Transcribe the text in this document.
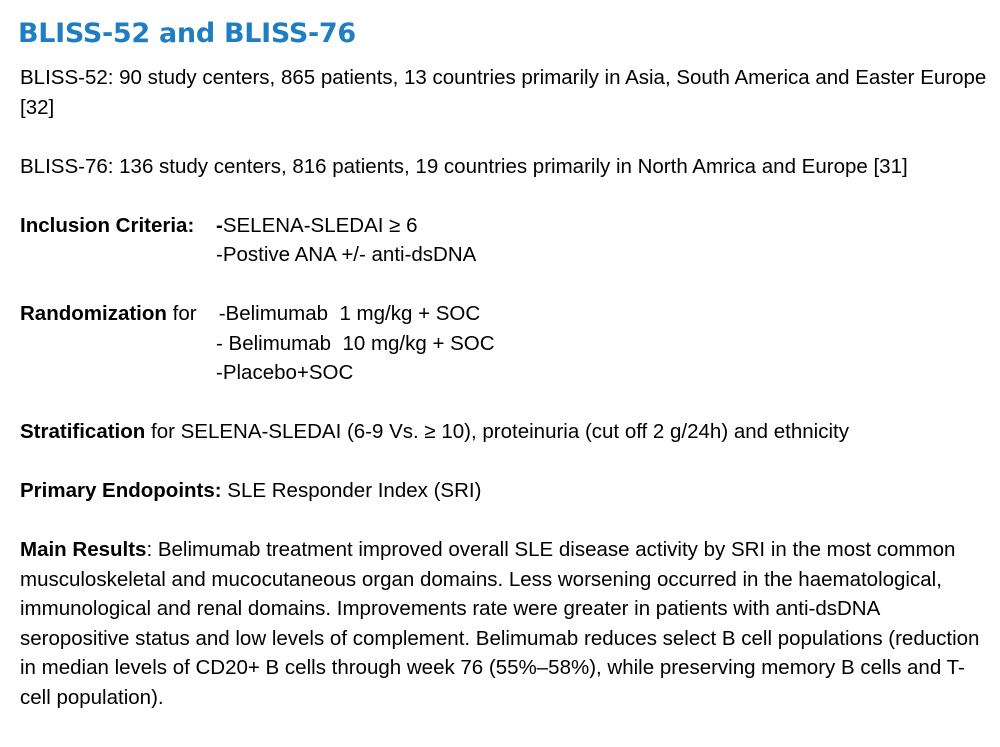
BLISS-52 and BLISS-76

BLISS-52: 90 study centers, 865 patients, 13 countries primarily in Asia, South America and Easter Europe [32]

BLISS-76: 136 study centers, 816 patients, 19 countries primarily in North Amrica and Europe [31]

Inclusion Criteria:	-SELENA-SLEDAI ≥ 6
-Postive ANA +/- anti-dsDNA
Randomization for -Belimumab  1 mg/kg + SOC
- Belimumab  10 mg/kg + SOC
-Placebo+SOC

Stratification for SELENA-SLEDAI (6-9 Vs. ≥ 10), proteinuria (cut off 2 g/24h) and ethnicity

Primary Endopoints: SLE Responder Index (SRI)

Main Results: Belimumab treatment improved overall SLE disease activity by SRI in the most common musculoskeletal and mucocutaneous organ domains. Less worsening occurred in the haematological, immunological and renal domains. Improvements rate were greater in patients with anti-dsDNA seropositive status and low levels of complement. Belimumab reduces select B cell populations (reduction in median levels of CD20+ B cells through week 76 (55%–58%), while preserving memory B cells and T-cell population).
